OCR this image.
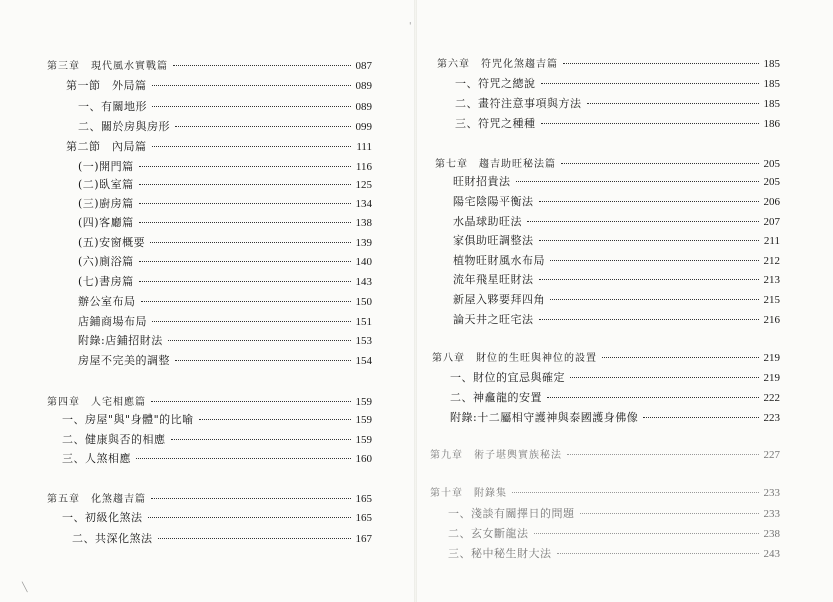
第三章　現代風水實戰篇	087
第一節　外局篇	089
一、有關地形	089
二、關於房與房形	099
第二節　內局篇	111
(一)開門篇	116
(二)臥室篇	125
(三)廚房篇	134
(四)客廳篇	138
(五)安窗概要	139
(六)廁浴篇	140
(七)書房篇	143
辦公室布局	150
店鋪商場布局	151
附錄:店鋪招財法	153
房屋不完美的調整	154
第四章　人宅相應篇	159
一、房屋"與"身體"的比喻	159
二、健康與否的相應	159
三、人煞相應	160
第五章　化煞趨吉篇	165
一、初級化煞法	165
二、共深化煞法	167
第六章　符咒化煞趨吉篇	185
一、符咒之總說	185
二、畫符注意事項與方法	185
三、符咒之種種	186
第七章　趨吉助旺秘法篇	205
旺財招貴法	205
陽宅陰陽平衡法	206
水晶球助旺法	207
家俱助旺調整法	211
植物旺財風水布局	212
流年飛星旺財法	213
新屋入夥要拜四角	215
論天井之旺宅法	216
第八章　財位的生旺與神位的設置	219
一、財位的宜忌與確定	219
二、神龕龍的安置	222
附錄:十二屬相守護神與泰國護身佛像	223
第九章　術子堪輿實族秘法	227
第十章　附錄集	233
一、淺談有關擇日的問題	233
二、玄女斷龍法	238
三、秘中秘生財大法	243
'
╲
